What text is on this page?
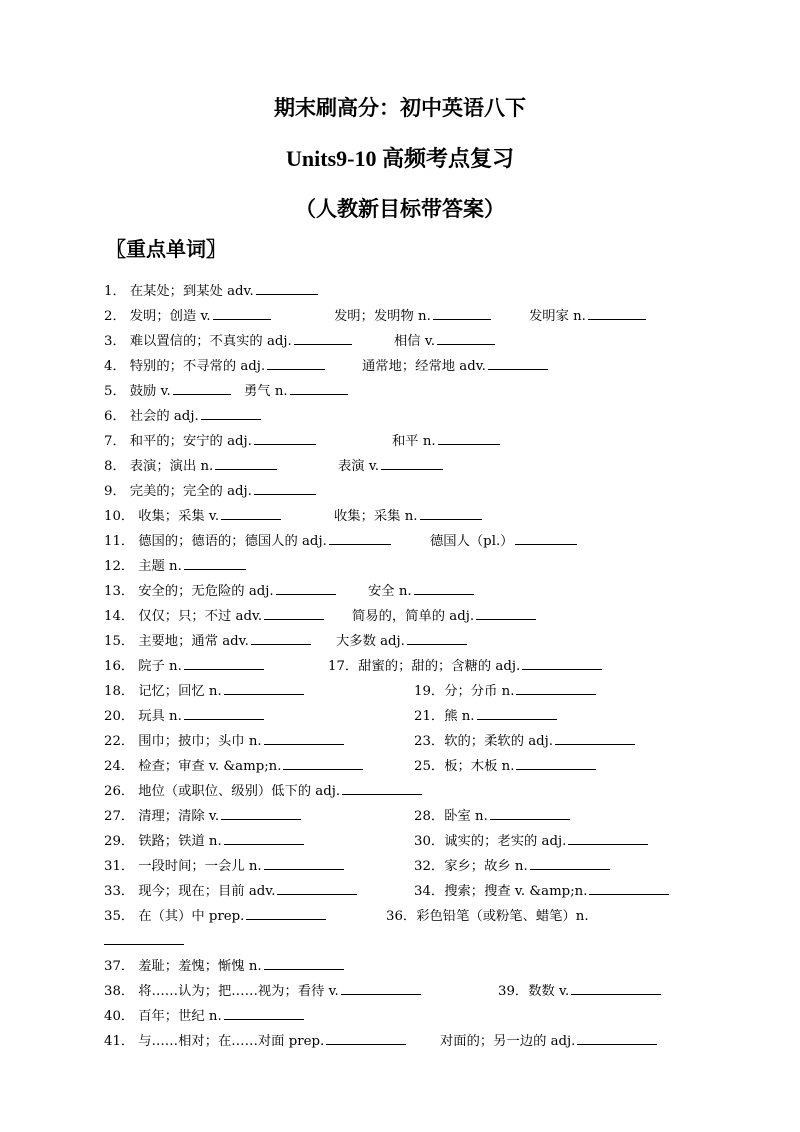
期末刷高分：初中英语八下
Units9-10 高频考点复习
（人教新目标带答案）
〖重点单词〗
1． 在某处；到某处 adv.
2． 发明；创造 v.	发明；发明物 n.	发明家 n.
3． 难以置信的；不真实的 adj.	相信 v.
4． 特别的；不寻常的 adj.	通常地；经常地 adv.
5． 鼓励 v.	勇气 n.
6． 社会的 adj.
7． 和平的；安宁的 adj.	和平 n.
8． 表演；演出 n.	表演 v.
9． 完美的；完全的 adj.
10． 收集；采集 v.	收集；采集 n.
11． 德国的；德语的；德国人的 adj.	德国人（pl.）
12． 主题 n.
13． 安全的；无危险的 adj.	安全 n.
14． 仅仅；只；不过 adv.	简易的，简单的 adj.
15． 主要地；通常 adv.	大多数 adj.
16． 院子 n.	17．甜蜜的；甜的；含糖的 adj.
18． 记忆；回忆 n.	19．分；分币 n.
20． 玩具 n.	21．熊 n.
22． 围巾；披巾；头巾 n.	23．软的；柔软的 adj.
24． 检查；审查 v. &amp;n.	25．板；木板 n.
26． 地位（或职位、级别）低下的 adj.
27． 清理；清除 v.	28．卧室 n.
29． 铁路；铁道 n.	30．诚实的；老实的 adj.
31． 一段时间；一会儿 n.	32．家乡；故乡 n.
33． 现今；现在；目前 adv.	34．搜索；搜查 v. &amp;n.
35． 在（其）中 prep.	36．彩色铅笔（或粉笔、蜡笔）n.
37． 羞耻；羞愧；惭愧 n.
38． 将……认为；把……视为；看待 v.	39．数数 v.
40． 百年；世纪 n.
41． 与……相对；在……对面 prep.	对面的；另一边的 adj.
